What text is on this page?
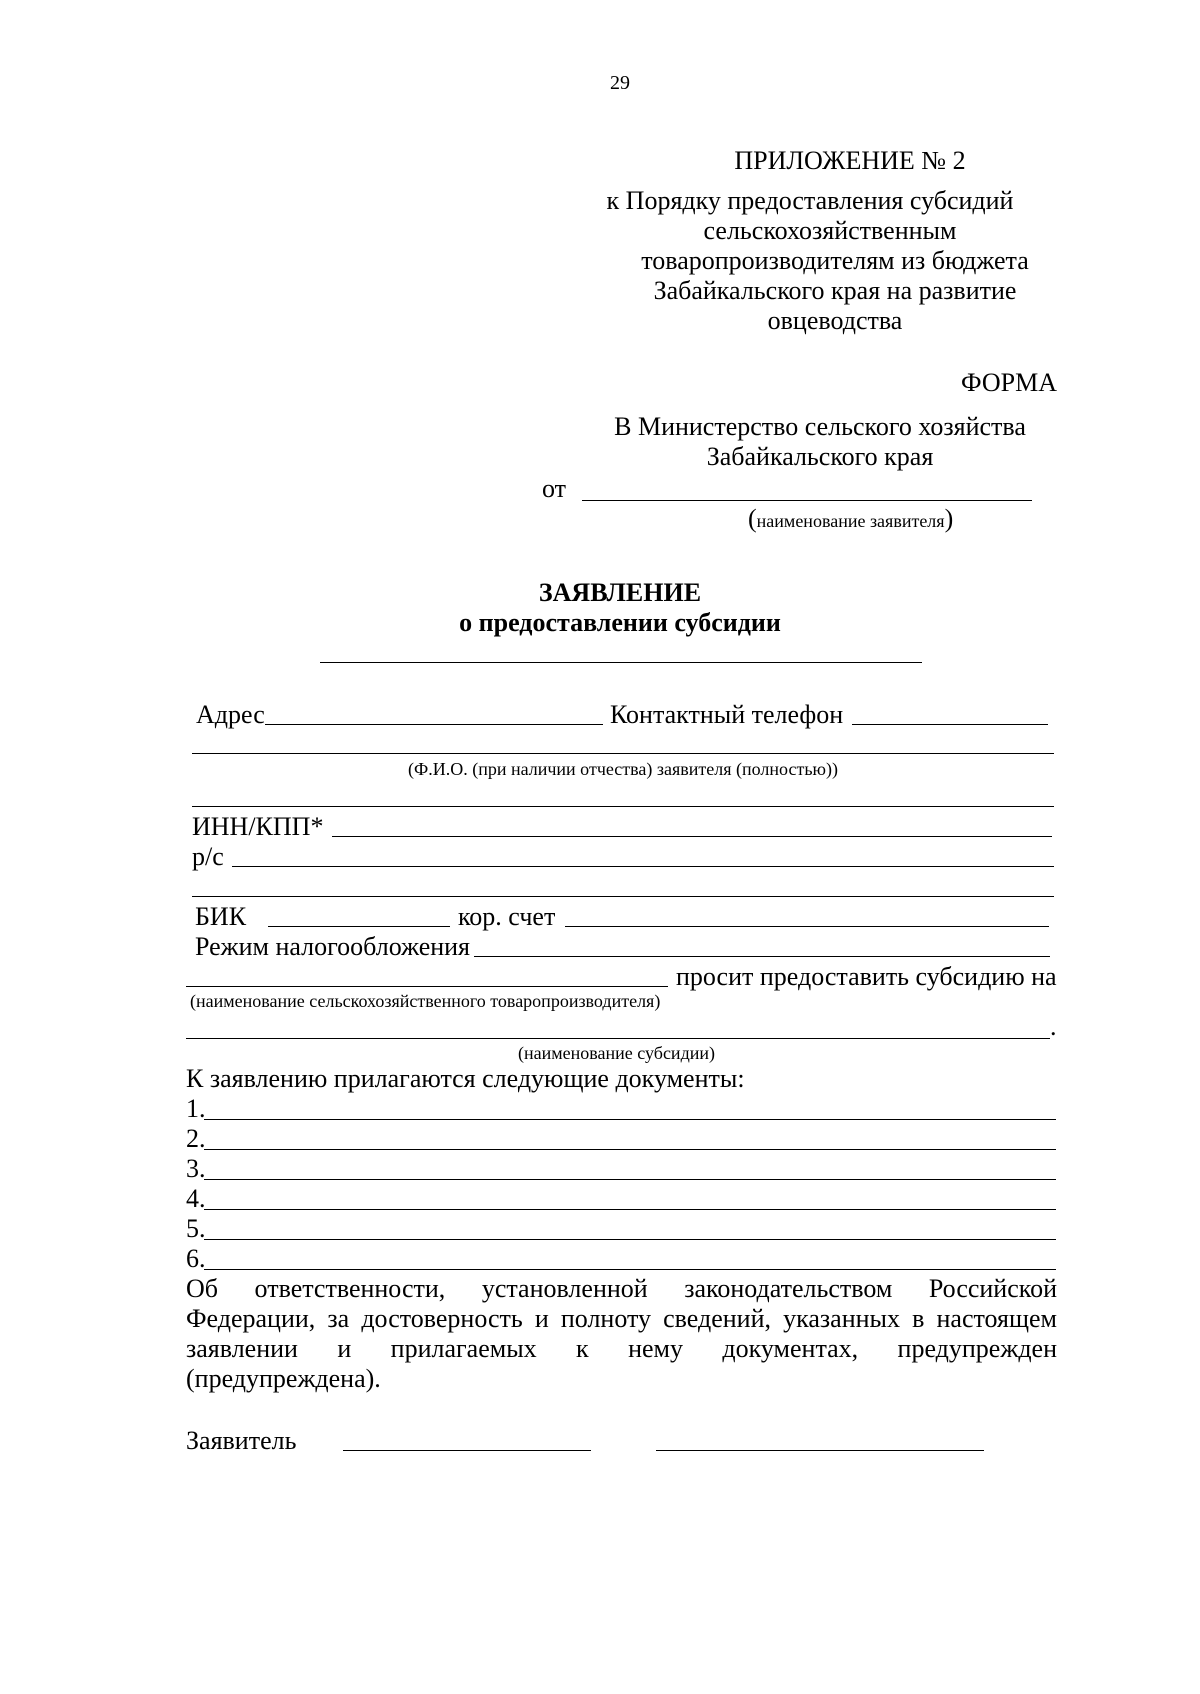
29
ПРИЛОЖЕНИЕ № 2
к Порядку предоставления субсидий
сельскохозяйственным
товаропроизводителям из бюджета
Забайкальского края на развитие
овцеводства
ФОРМА
В Министерство сельского хозяйства
Забайкальского края
от
(наименование заявителя)
ЗАЯВЛЕНИЕ
о предоставлении субсидии
Адрес	Контактный телефон
(Ф.И.О. (при наличии отчества) заявителя (полностью))
ИНН/КПП*
р/с
БИК	кор. счет
Режим налогообложения
просит предоставить субсидию на
(наименование сельскохозяйственного товаропроизводителя)
.
(наименование субсидии)
К заявлению прилагаются следующие документы:
1.
2.
3.
4.
5.
6.
Об ответственности, установленной законодательством Российской
Федерации, за достоверность и полноту сведений, указанных в настоящем
заявлении и прилагаемых к нему документах, предупрежден
(предупреждена).
Заявитель
